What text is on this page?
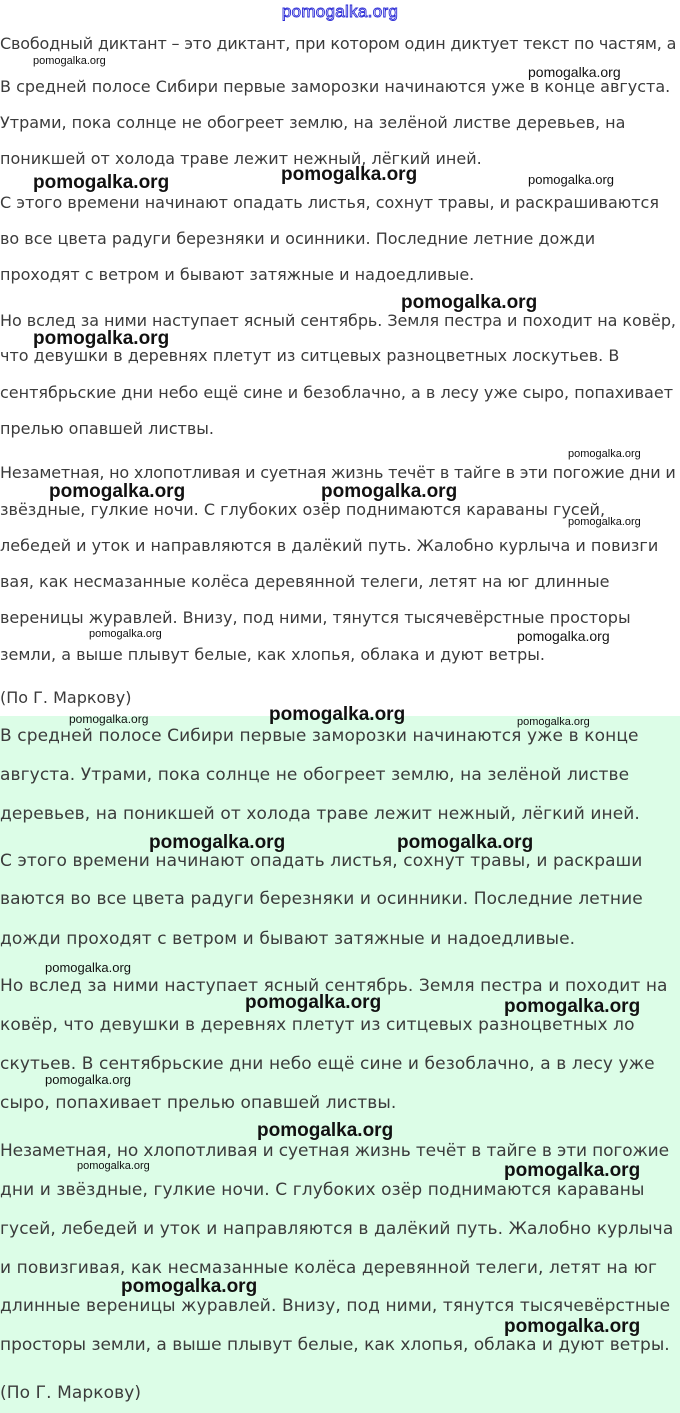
pomogalka.org
Свободный диктант – это диктант, при котором один диктует текст по частям, а
В средней полосе Сибири первые заморозки начинаются уже в конце августа.
Утрами, пока солнце не обогреет землю, на зелёной листве деревьев, на
поникшей от холода траве лежит нежный, лёгкий иней.
С этого времени начинают опадать листья, сохнут травы, и раскрашиваются
во все цвета радуги березняки и осинники. Последние летние дожди
проходят с ветром и бывают затяжные и надоедливые.
Но вслед за ними наступает ясный сентябрь. Земля пестра и походит на ковёр,
что девушки в деревнях плетут из ситцевых разноцветных лоскутьев. В
сентябрьские дни небо ещё сине и безоблачно, а в лесу уже сыро, попахивает
прелью опавшей листвы.
Незаметная, но хлопотливая и суетная жизнь течёт в тайге в эти погожие дни и
звёздные, гулкие ночи. С глубоких озёр поднимаются караваны гусей,
лебедей и уток и направляются в далёкий путь. Жалобно курлыча и повизги
вая, как несмазанные колёса деревянной телеги, летят на юг длинные
вереницы журавлей. Внизу, под ними, тянутся тысячевёрстные просторы
земли, а выше плывут белые, как хлопья, облака и дуют ветры.
(По Г. Маркову)
В средней полосе Сибири первые заморозки начинаются уже в конце
августа. Утрами, пока солнце не обогреет землю, на зелёной листве
деревьев, на поникшей от холода траве лежит нежный, лёгкий иней.
С этого времени начинают опадать листья, сохнут травы, и раскраши
ваются во все цвета радуги березняки и осинники. Последние летние
дожди проходят с ветром и бывают затяжные и надоедливые.
Но вслед за ними наступает ясный сентябрь. Земля пестра и походит на
ковёр, что девушки в деревнях плетут из ситцевых разноцветных ло
скутьев. В сентябрьские дни небо ещё сине и безоблачно, а в лесу уже
сыро, попахивает прелью опавшей листвы.
Незаметная, но хлопотливая и суетная жизнь течёт в тайге в эти погожие
дни и звёздные, гулкие ночи. С глубоких озёр поднимаются караваны
гусей, лебедей и уток и направляются в далёкий путь. Жалобно курлыча
и повизгивая, как несмазанные колёса деревянной телеги, летят на юг
длинные вереницы журавлей. Внизу, под ними, тянутся тысячевёрстные
просторы земли, а выше плывут белые, как хлопья, облака и дуют ветры.
(По Г. Маркову)
pomogalka.org
pomogalka.org
pomogalka.org	pomogalka.org	pomogalka.org
pomogalka.org
pomogalka.org
pomogalka.org
pomogalka.org	pomogalka.org
pomogalka.org
pomogalka.org	pomogalka.org
pomogalka.org	pomogalka.org	pomogalka.org
pomogalka.org	pomogalka.org
pomogalka.org
pomogalka.org	pomogalka.org
pomogalka.org
pomogalka.org
pomogalka.org	pomogalka.org
pomogalka.org
pomogalka.org
